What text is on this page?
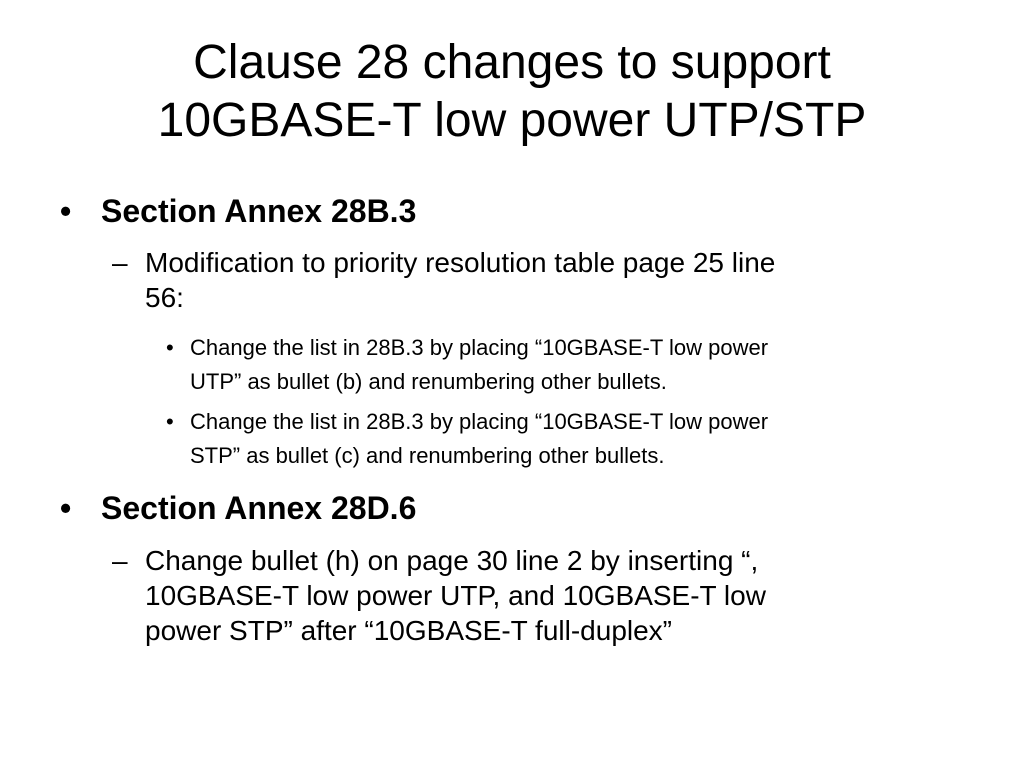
Clause 28 changes to support
10GBASE-T low power UTP/STP
• Section Annex 28B.3
– Modification to priority resolution table page 25 line
56:
• Change the list in 28B.3 by placing “10GBASE-T low power
UTP” as bullet (b) and renumbering other bullets.
• Change the list in 28B.3 by placing “10GBASE-T low power
STP” as bullet (c) and renumbering other bullets.
• Section Annex 28D.6
– Change bullet (h) on page 30 line 2 by inserting “,
10GBASE-T low power UTP, and 10GBASE-T low
power STP” after “10GBASE-T full-duplex”
